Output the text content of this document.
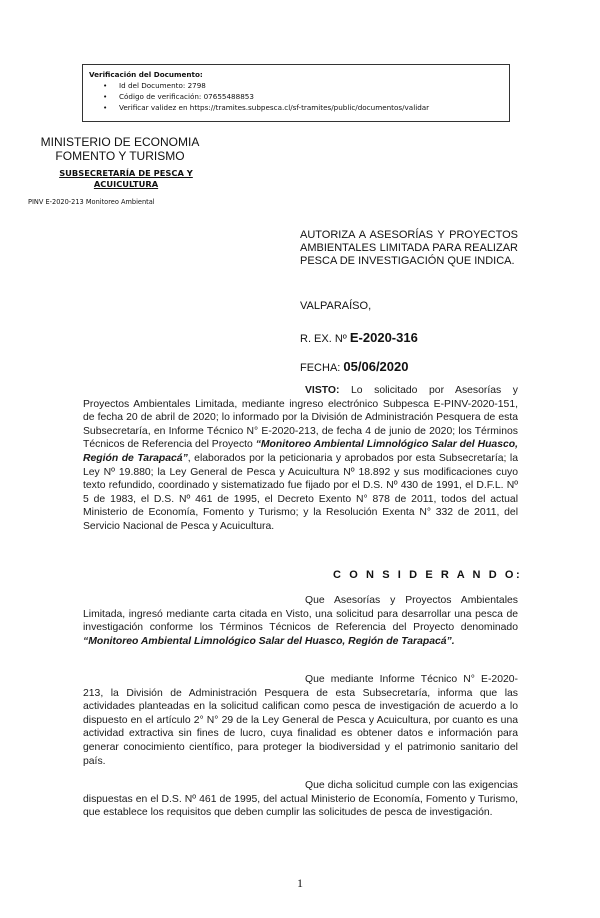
Verificación del Documento:
• Id del Documento: 2798
• Código de verificación: 07655488853
• Verificar validez en https://tramites.subpesca.cl/sf-tramites/public/documentos/validar
MINISTERIO DE ECONOMIA
FOMENTO Y TURISMO
SUBSECRETARÍA DE PESCA Y ACUICULTURA
PINV E-2020-213 Monitoreo Ambiental
AUTORIZA A ASESORÍAS Y PROYECTOS AMBIENTALES LIMITADA PARA REALIZAR PESCA DE INVESTIGACIÓN QUE INDICA.
VALPARAÍSO,
R. EX. Nº E-2020-316
FECHA: 05/06/2020
VISTO: Lo solicitado por Asesorías y Proyectos Ambientales Limitada, mediante ingreso electrónico Subpesca E-PINV-2020-151, de fecha 20 de abril de 2020; lo informado por la División de Administración Pesquera de esta Subsecretaría, en Informe Técnico N° E-2020-213, de fecha 4 de junio de 2020; los Términos Técnicos de Referencia del Proyecto “Monitoreo Ambiental Limnológico Salar del Huasco, Región de Tarapacá”, elaborados por la peticionaria y aprobados por esta Subsecretaría; la Ley Nº 19.880; la Ley General de Pesca y Acuicultura Nº 18.892 y sus modificaciones cuyo texto refundido, coordinado y sistematizado fue fijado por el D.S. Nº 430 de 1991, el D.F.L. Nº 5 de 1983, el D.S. Nº 461 de 1995, el Decreto Exento N° 878 de 2011, todos del actual Ministerio de Economía, Fomento y Turismo; y la Resolución Exenta N° 332 de 2011, del Servicio Nacional de Pesca y Acuicultura.
C O N S I D E R A N D O:
Que Asesorías y Proyectos Ambientales Limitada, ingresó mediante carta citada en Visto, una solicitud para desarrollar una pesca de investigación conforme los Términos Técnicos de Referencia del Proyecto denominado “Monitoreo Ambiental Limnológico Salar del Huasco, Región de Tarapacá”.
Que mediante Informe Técnico N° E-2020-213, la División de Administración Pesquera de esta Subsecretaría, informa que las actividades planteadas en la solicitud califican como pesca de investigación de acuerdo a lo dispuesto en el artículo 2° N° 29 de la Ley General de Pesca y Acuicultura, por cuanto es una actividad extractiva sin fines de lucro, cuya finalidad es obtener datos e información para generar conocimiento científico, para proteger la biodiversidad y el patrimonio sanitario del país.
Que dicha solicitud cumple con las exigencias dispuestas en el D.S. Nº 461 de 1995, del actual Ministerio de Economía, Fomento y Turismo, que establece los requisitos que deben cumplir las solicitudes de pesca de investigación.
1
